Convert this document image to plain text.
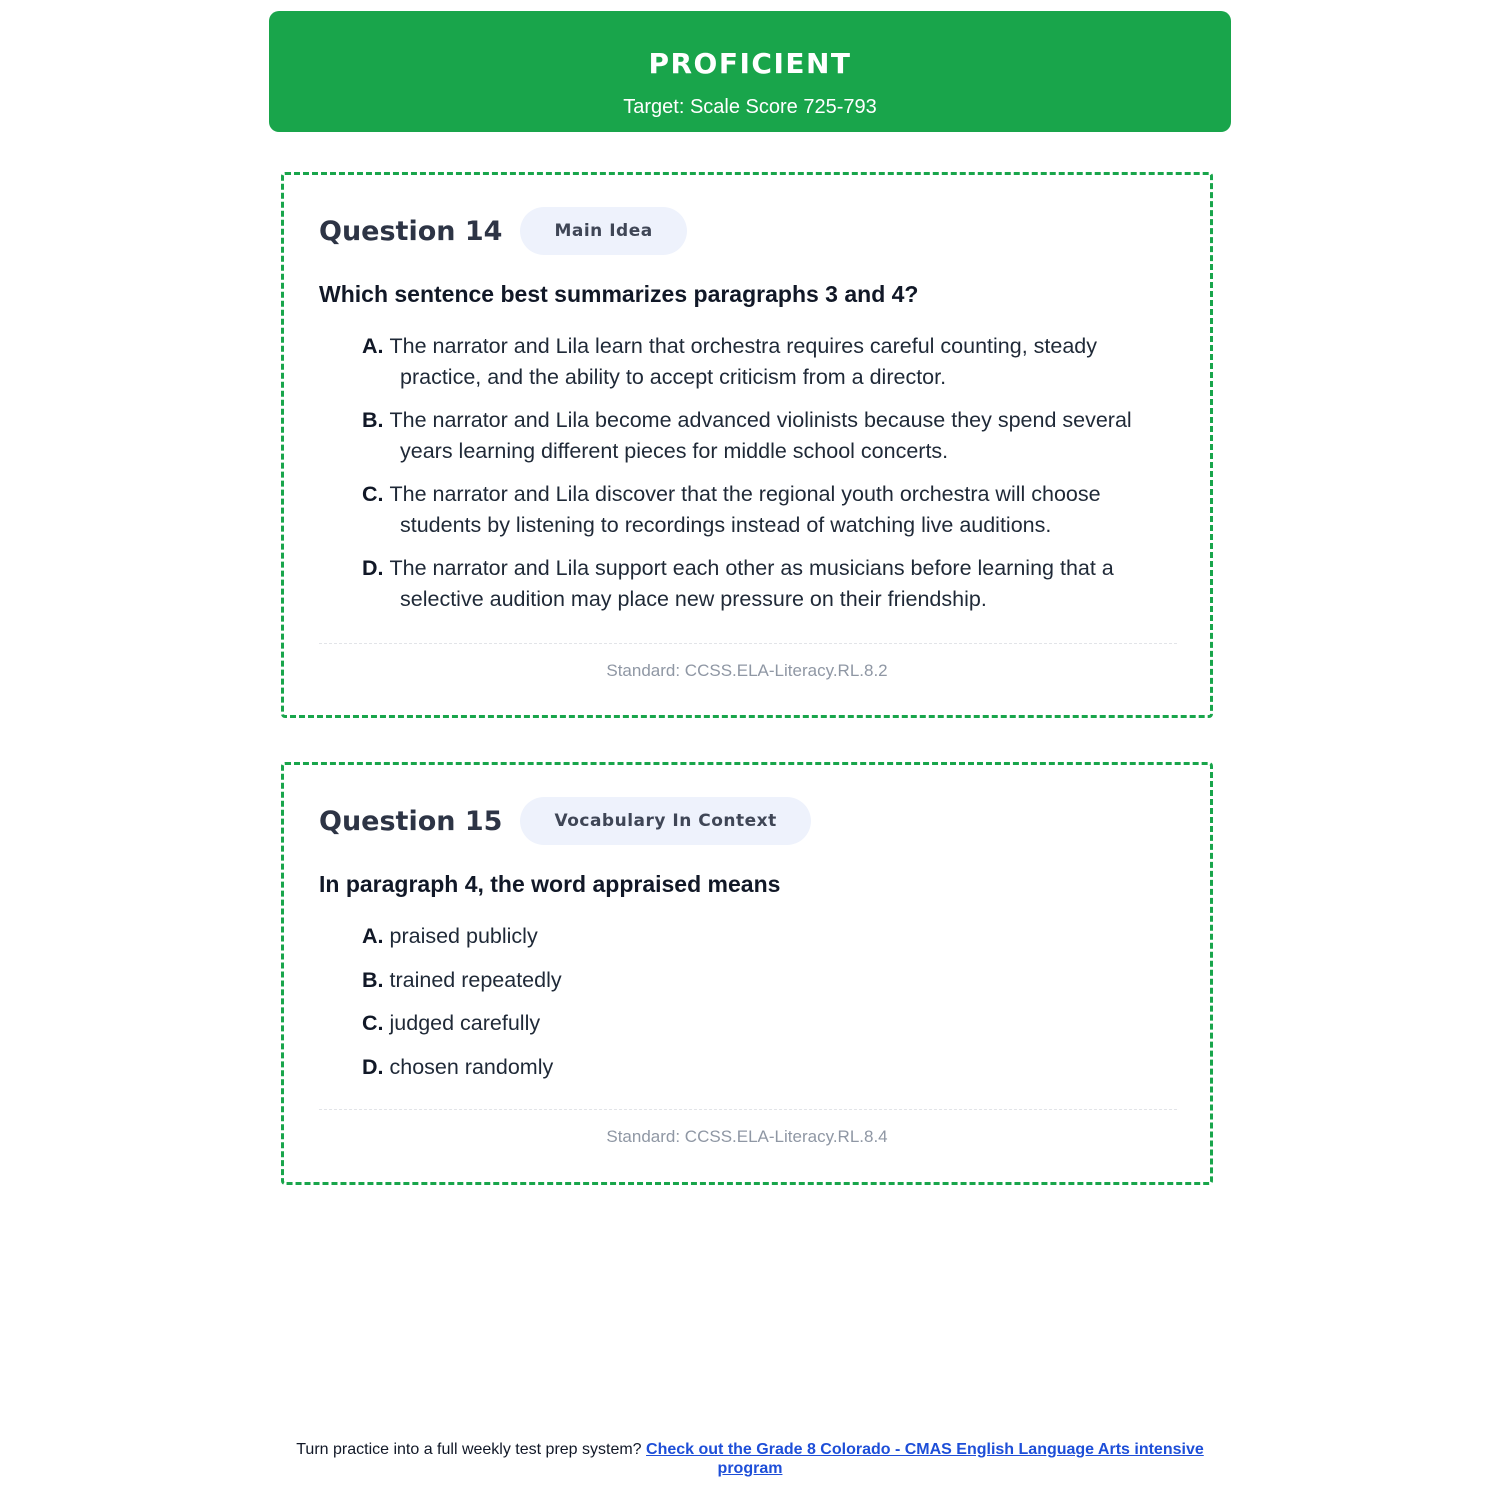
PROFICIENT
Target: Scale Score 725-793
Question 14	Main Idea
Which sentence best summarizes paragraphs 3 and 4?
A. The narrator and Lila learn that orchestra requires careful counting, steady practice, and the ability to accept criticism from a director.
B. The narrator and Lila become advanced violinists because they spend several years learning different pieces for middle school concerts.
C. The narrator and Lila discover that the regional youth orchestra will choose students by listening to recordings instead of watching live auditions.
D. The narrator and Lila support each other as musicians before learning that a selective audition may place new pressure on their friendship.
Standard: CCSS.ELA-Literacy.RL.8.2
Question 15	Vocabulary In Context
In paragraph 4, the word appraised means
A. praised publicly
B. trained repeatedly
C. judged carefully
D. chosen randomly
Standard: CCSS.ELA-Literacy.RL.8.4
Turn practice into a full weekly test prep system? Check out the Grade 8 Colorado - CMAS English Language Arts intensive program
